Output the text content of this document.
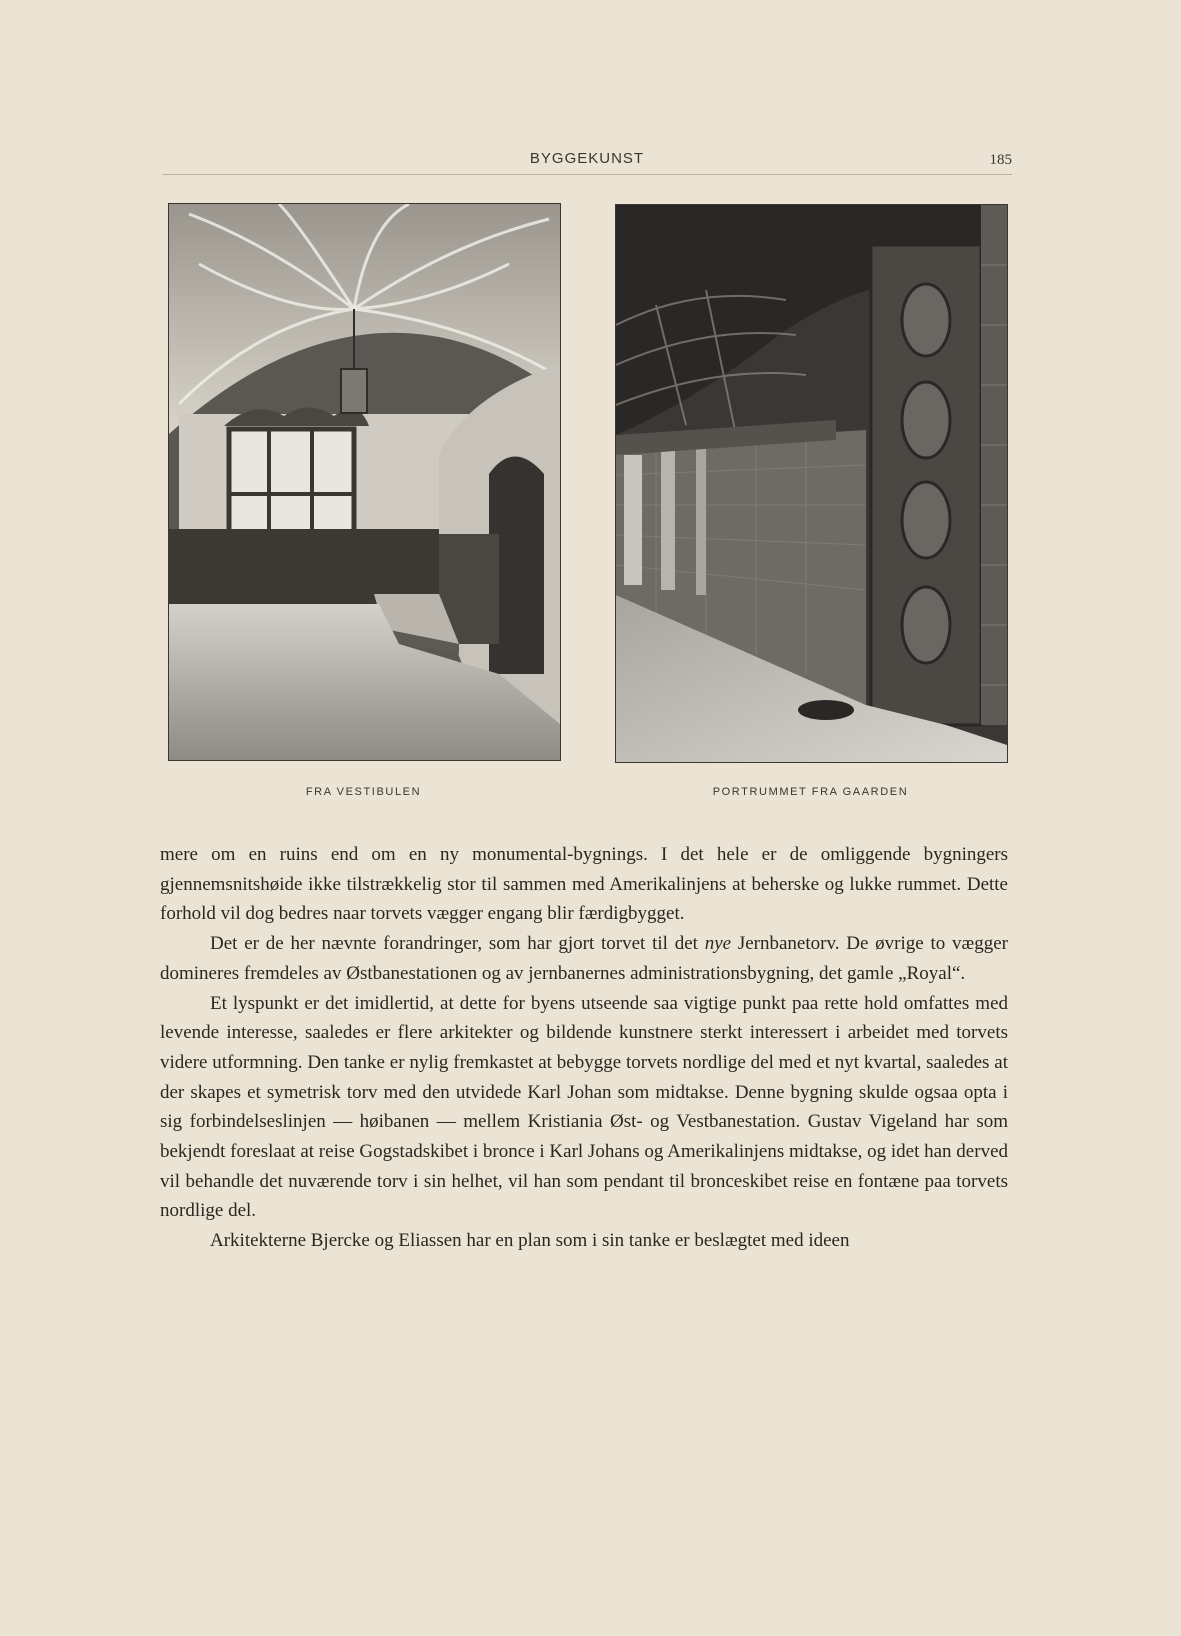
BYGGEKUNST	185
FRA VESTIBULEN	PORTRUMMET FRA GAARDEN

mere om en ruins end om en ny monumental-bygnings. I det hele er de omliggende bygningers gjennemsnitshøide ikke tilstrækkelig stor til sammen med Amerikalinjens at beherske og lukke rummet. Dette forhold vil dog bedres naar torvets vægger engang blir færdigbygget.

Det er de her nævnte forandringer, som har gjort torvet til det nye Jernbanetorv. De øvrige to vægger domineres fremdeles av Østbanestationen og av jernbanernes administrationsbygning, det gamle „Royal“.

Et lyspunkt er det imidlertid, at dette for byens utseende saa vigtige punkt paa rette hold omfattes med levende interesse, saaledes er flere arkitekter og bildende kunstnere sterkt interessert i arbeidet med torvets videre utformning. Den tanke er nylig fremkastet at bebygge torvets nordlige del med et nyt kvartal, saaledes at der skapes et symetrisk torv med den utvidede Karl Johan som midtakse. Denne bygning skulde ogsaa opta i sig forbindelseslinjen — høibanen — mellem Kristiania Øst- og Vestbanestation. Gustav Vigeland har som bekjendt foreslaat at reise Gogstadskibet i bronce i Karl Johans og Amerikalinjens midtakse, og idet han derved vil behandle det nuværende torv i sin helhet, vil han som pendant til bronceskibet reise en fontæne paa torvets nordlige del.

Arkitekterne Bjercke og Eliassen har en plan som i sin tanke er beslægtet med ideen
